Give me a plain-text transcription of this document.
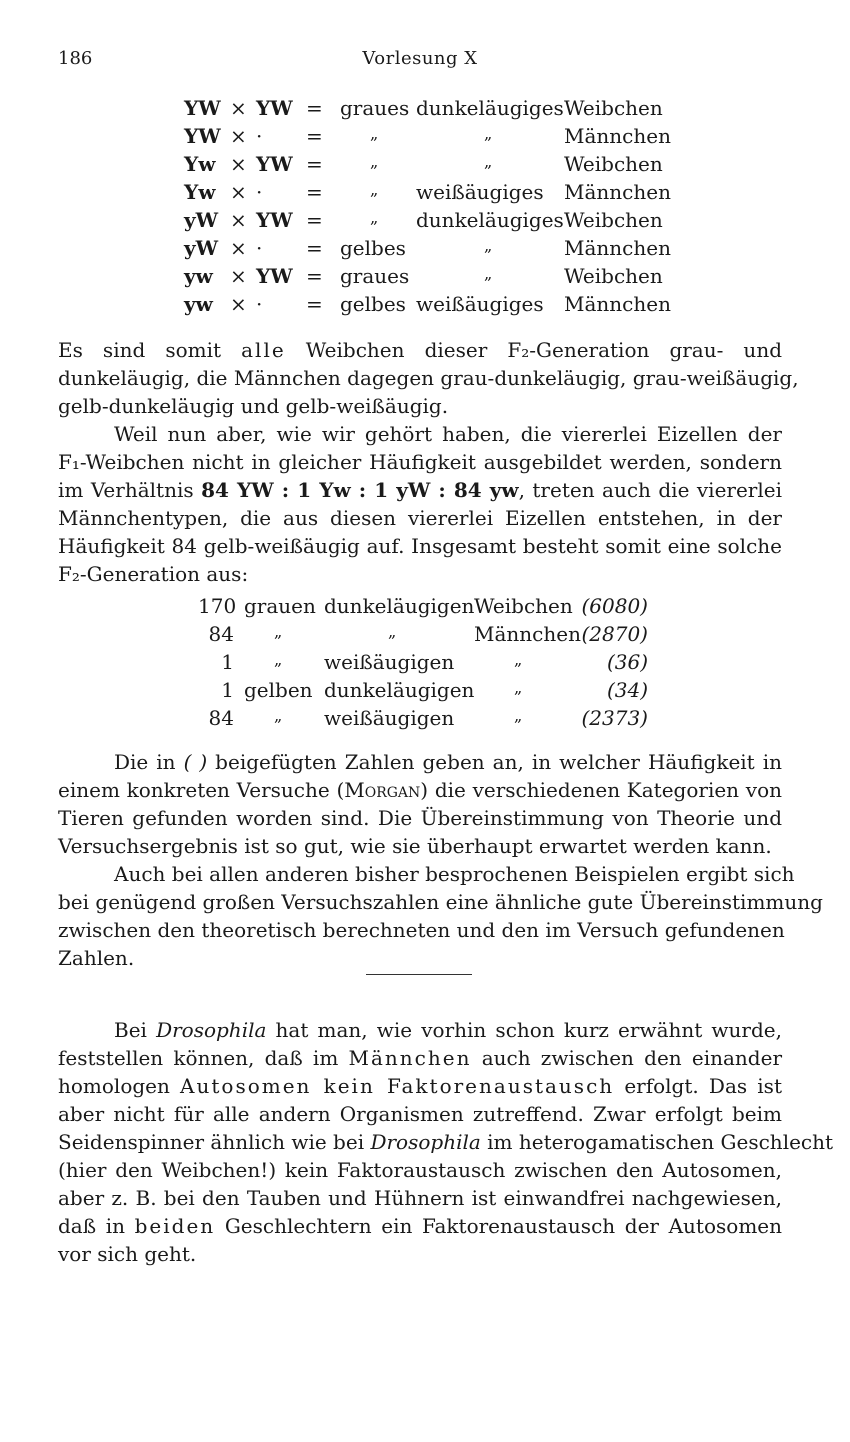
186	Vorlesung X
YW × YW = graues dunkeläugiges Weibchen
YW × · =	„	„	Männchen
Yw × YW =	„	„	Weibchen
Yw × · =	„ weißäugiges Männchen
yW × YW =	„ dunkeläugiges Weibchen
yW × · = gelbes	„	Männchen
yw × YW = graues	„	Weibchen
yw × · = gelbes weißäugiges Männchen

Es sind somit alle Weibchen dieser F₂-Generation grau- und
dunkeläugig, die Männchen dagegen grau-dunkeläugig, grau-weißäugig,
gelb-dunkeläugig und gelb-weißäugig.

Weil nun aber, wie wir gehört haben, die viererlei Eizellen der
F₁-Weibchen nicht in gleicher Häufigkeit ausgebildet werden, sondern
im Verhältnis 84 YW : 1 Yw : 1 yW : 84 yw, treten auch die viererlei
Männchentypen, die aus diesen viererlei Eizellen entstehen, in der
Häufigkeit 84 gelb-weißäugig auf. Insgesamt besteht somit eine solche
F₂-Generation aus:

170 grauen dunkeläugigen Weibchen (6080)
84	„	„	Männchen (2870)
1	„ weißäugigen	„	(36)
1 gelben dunkeläugigen „	(34)
84	„ weißäugigen	„	(2373)

Die in ( ) beigefügten Zahlen geben an, in welcher Häufigkeit in
einem konkreten Versuche (Morgan) die verschiedenen Kategorien von
Tieren gefunden worden sind. Die Übereinstimmung von Theorie und
Versuchsergebnis ist so gut, wie sie überhaupt erwartet werden kann.

Auch bei allen anderen bisher besprochenen Beispielen ergibt sich
bei genügend großen Versuchszahlen eine ähnliche gute Übereinstimmung
zwischen den theoretisch berechneten und den im Versuch gefundenen
Zahlen.

Bei Drosophila hat man, wie vorhin schon kurz erwähnt wurde,
feststellen können, daß im Männchen auch zwischen den einander
homologen Autosomen kein Faktorenaustausch erfolgt. Das ist
aber nicht für alle andern Organismen zutreffend. Zwar erfolgt beim
Seidenspinner ähnlich wie bei Drosophila im heterogamatischen Geschlecht
(hier den Weibchen!) kein Faktoraustausch zwischen den Autosomen,
aber z. B. bei den Tauben und Hühnern ist einwandfrei nachgewiesen,
daß in beiden Geschlechtern ein Faktorenaustausch der Autosomen
vor sich geht.
